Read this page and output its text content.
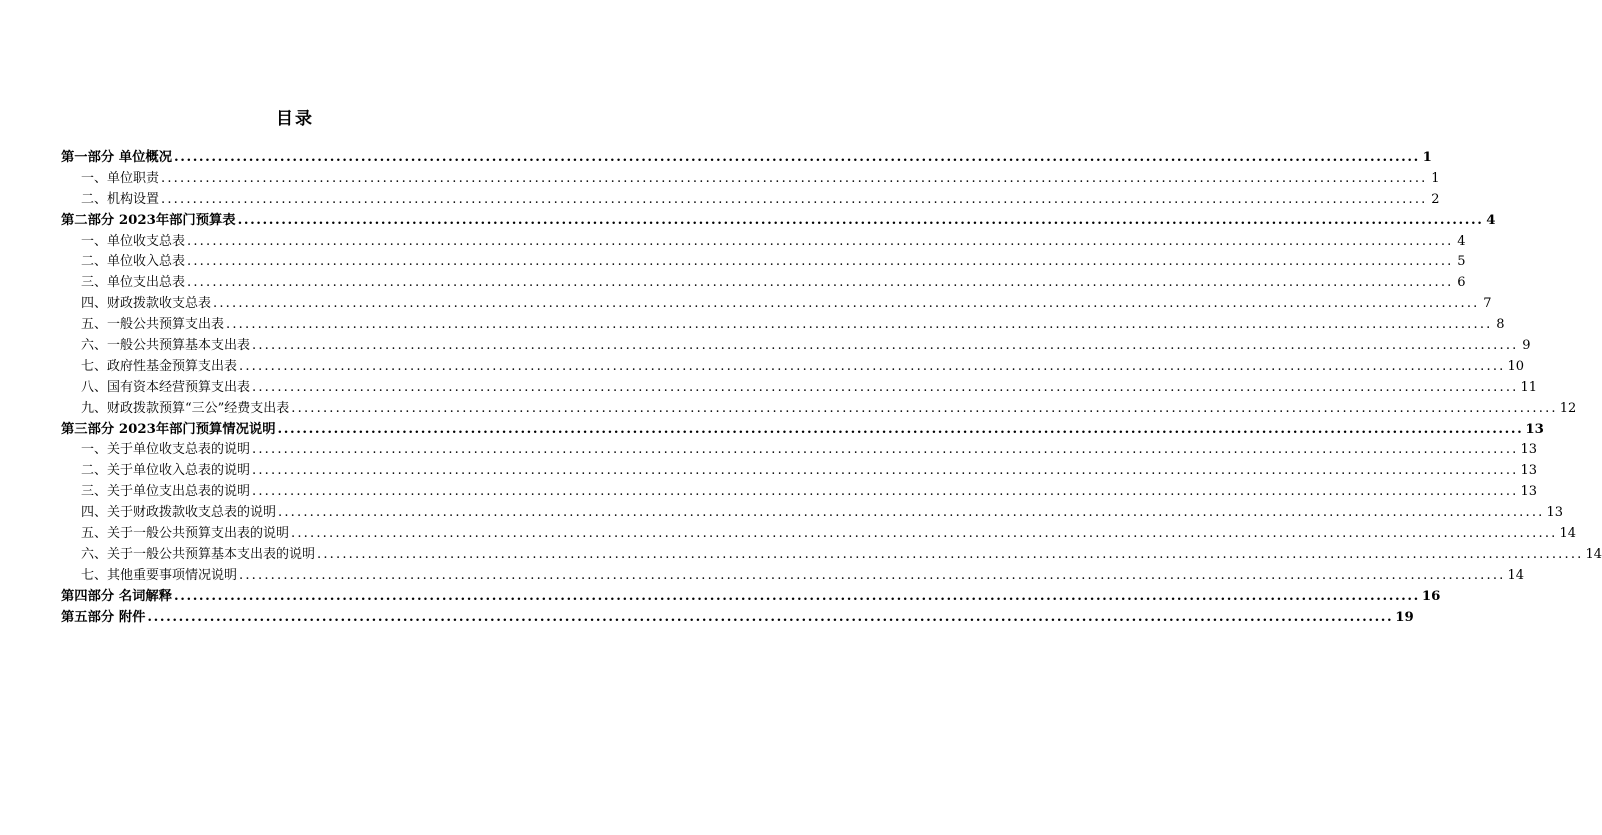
目录
第一部分 单位概况 ........................................................................................................................................................................................................ 1
一、单位职责 ........................................................................................................................................................................................................ 1
二、机构设置 ........................................................................................................................................................................................................ 2
第二部分 2023年部门预算表 ........................................................................................................................................................................................................ 4
一、单位收支总表 ........................................................................................................................................................................................................ 4
二、单位收入总表 ........................................................................................................................................................................................................ 5
三、单位支出总表 ........................................................................................................................................................................................................ 6
四、财政拨款收支总表 ........................................................................................................................................................................................................ 7
五、一般公共预算支出表 ........................................................................................................................................................................................................ 8
六、一般公共预算基本支出表 ........................................................................................................................................................................................................ 9
七、政府性基金预算支出表 ........................................................................................................................................................................................................ 10
八、国有资本经营预算支出表 ........................................................................................................................................................................................................ 11
九、财政拨款预算“三公”经费支出表 ........................................................................................................................................................................................................ 12
第三部分 2023年部门预算情况说明 ........................................................................................................................................................................................................ 13
一、关于单位收支总表的说明 ........................................................................................................................................................................................................ 13
二、关于单位收入总表的说明 ........................................................................................................................................................................................................ 13
三、关于单位支出总表的说明 ........................................................................................................................................................................................................ 13
四、关于财政拨款收支总表的说明 ........................................................................................................................................................................................................ 13
五、关于一般公共预算支出表的说明 ........................................................................................................................................................................................................ 14
六、关于一般公共预算基本支出表的说明 ........................................................................................................................................................................................................ 14
七、其他重要事项情况说明 ........................................................................................................................................................................................................ 14
第四部分 名词解释 ........................................................................................................................................................................................................ 16
第五部分 附件 ........................................................................................................................................................................................................ 19
